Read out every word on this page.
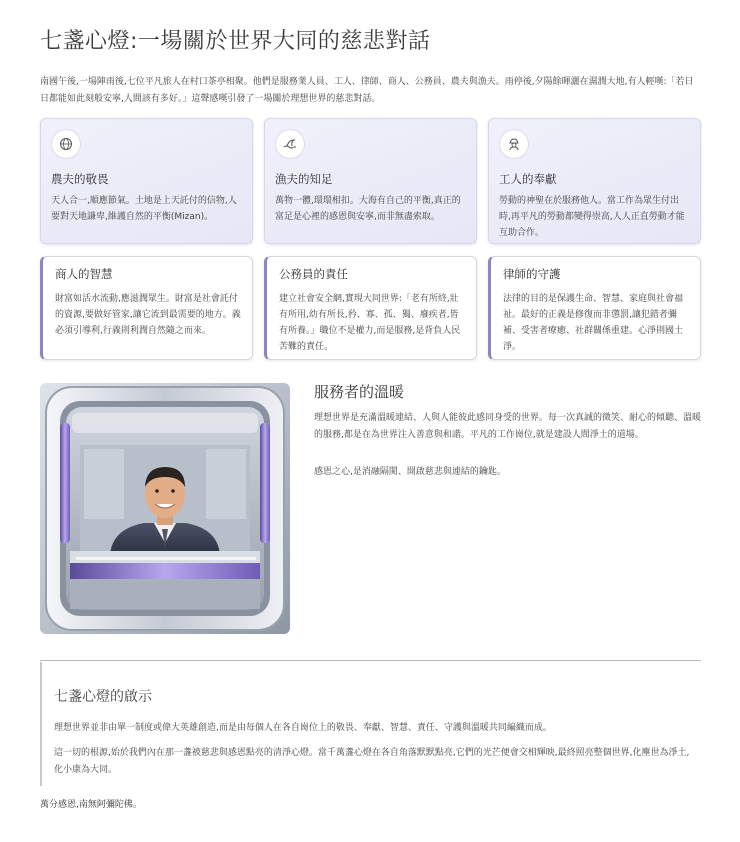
七盞心燈:一場關於世界大同的慈悲對話

南國午後,一場陣雨後,七位平凡旅人在村口茶亭相聚。他們是服務業人員、工人、律師、商人、公務員、農夫與漁夫。雨停後,夕陽餘暉灑在濕潤大地,有人輕嘆:「若日日都能如此刻般安寧,人間該有多好。」這聲感嘆引發了一場關於理想世界的慈悲對話。

農夫的敬畏

天人合一,順應節氣。土地是上天託付的信物,人要對天地謙卑,維護自然的平衡(Mizan)。

漁夫的知足

萬物一體,環環相扣。大海有自己的平衡,真正的富足是心裡的感恩與安寧,而非無盡索取。

工人的奉獻

勞動的神聖在於服務他人。當工作為眾生付出時,再平凡的勞動都變得崇高,人人正直勞動才能互助合作。

商人的智慧

財富如活水流動,應滋潤眾生。財富是社會託付的資源,要做好管家,讓它流到最需要的地方。義必須引導利,行義則利潤自然隨之而來。

公務員的責任

建立社會安全網,實現大同世界:「老有所終,壯有所用,幼有所長,矜、寡、孤、獨、廢疾者,皆有所養。」職位不是權力,而是服務,是背負人民苦難的責任。

律師的守護

法律的目的是保護生命、智慧、家庭與社會福祉。最好的正義是修復而非懲罰,讓犯錯者彌補、受害者療癒、社群關係重建。心淨則國土淨。

服務者的溫暖

理想世界是充滿溫暖連結、人與人能彼此感同身受的世界。每一次真誠的微笑、耐心的傾聽、溫暖的服務,都是在為世界注入善意與和諧。平凡的工作崗位,就是建設人間淨土的道場。

感恩之心,是消融隔閡、開啟慈悲與連結的鑰匙。

七盞心燈的啟示

理想世界並非由單一制度或偉大英雄創造,而是由每個人在各自崗位上的敬畏、奉獻、智慧、責任、守護與溫暖共同編織而成。

這一切的根源,始於我們內在那一盞被慈悲與感恩點亮的清淨心燈。當千萬盞心燈在各自角落默默點亮,它們的光芒便會交相輝映,最終照亮整個世界,化塵世為淨土,化小康為大同。

萬分感恩,南無阿彌陀佛。
